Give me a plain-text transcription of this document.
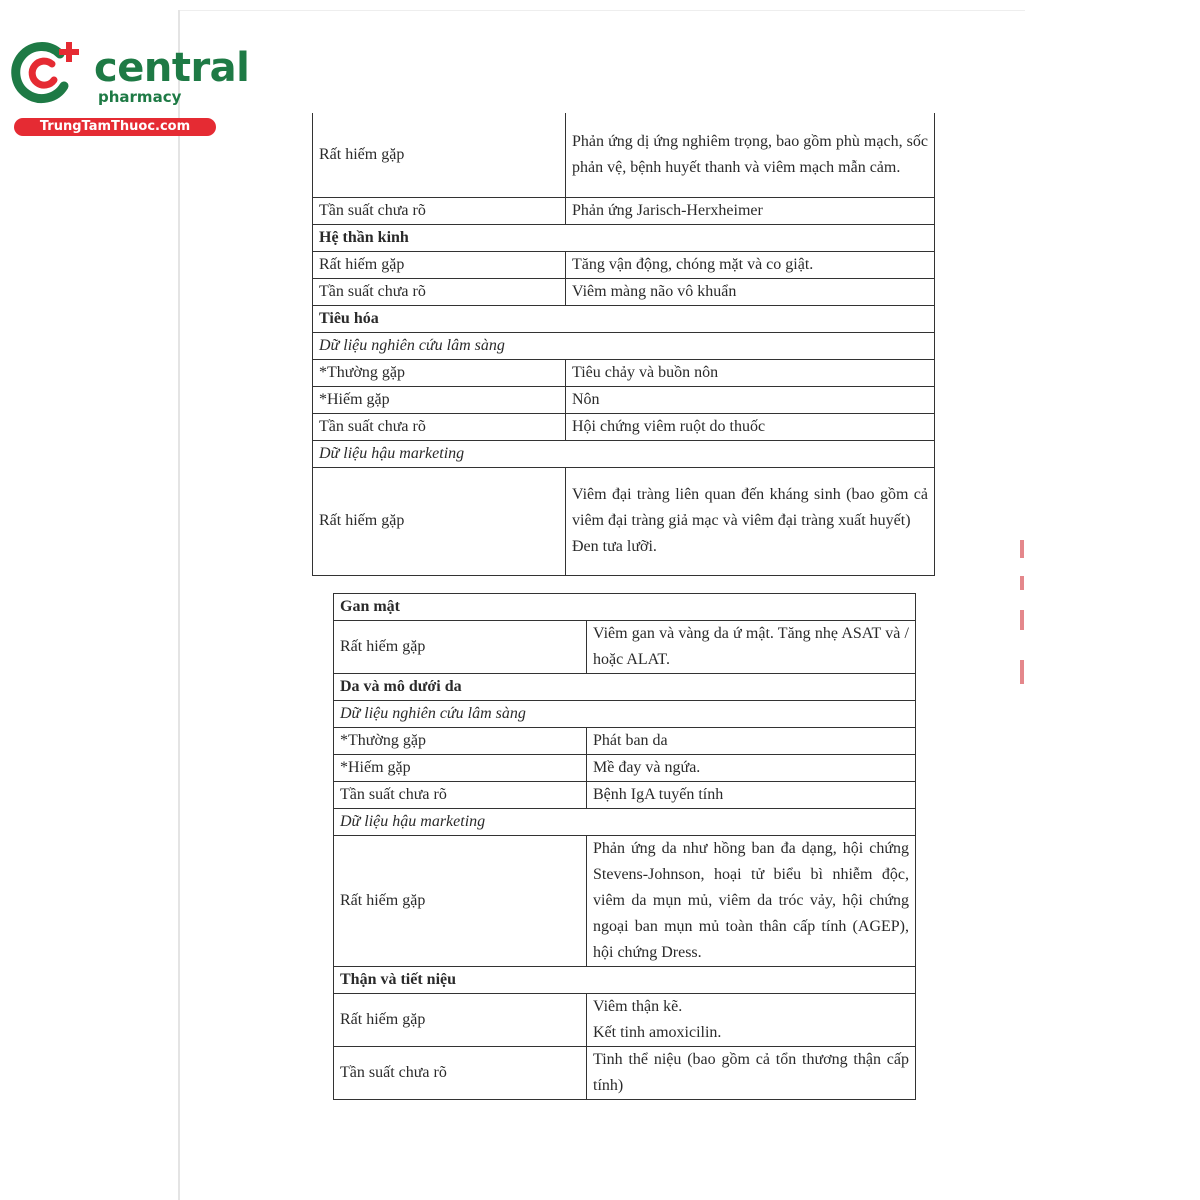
central
pharmacy
TrungTamThuoc.com
Rất hiếm gặp	Phản ứng dị ứng nghiêm trọng, bao gồm phù mạch, sốc phản vệ, bệnh huyết thanh và viêm mạch mẫn cảm.
Tần suất chưa rõ	Phản ứng Jarisch-Herxheimer
Hệ thần kinh	
Rất hiếm gặp	Tăng vận động, chóng mặt và co giật.
Tần suất chưa rõ	Viêm màng não vô khuẩn
Tiêu hóa	
Dữ liệu nghiên cứu lâm sàng	
*Thường gặp	Tiêu chảy và buồn nôn
*Hiếm gặp	Nôn
Tần suất chưa rõ	Hội chứng viêm ruột do thuốc
Dữ liệu hậu marketing	
Rất hiếm gặp	Viêm đại tràng liên quan đến kháng sinh (bao gồm cả viêm đại tràng giả mạc và viêm đại tràng xuất huyết)
Đen tưa lưỡi.
Gan mật	
Rất hiếm gặp	Viêm gan và vàng da ứ mật. Tăng nhẹ ASAT và / hoặc ALAT.
Da và mô dưới da	
Dữ liệu nghiên cứu lâm sàng	
*Thường gặp	Phát ban da
*Hiếm gặp	Mề đay và ngứa.
Tần suất chưa rõ	Bệnh IgA tuyến tính
Dữ liệu hậu marketing	
Rất hiếm gặp	Phản ứng da như hồng ban đa dạng, hội chứng Stevens-Johnson, hoại tử biểu bì nhiễm độc, viêm da mụn mủ, viêm da tróc vảy, hội chứng ngoại ban mụn mủ toàn thân cấp tính (AGEP), hội chứng Dress.
Thận và tiết niệu	
Rất hiếm gặp	Viêm thận kẽ.
Kết tinh amoxicilin.

Tần suất chưa rõ	Tinh thể niệu (bao gồm cả tổn thương thận cấp tính)
